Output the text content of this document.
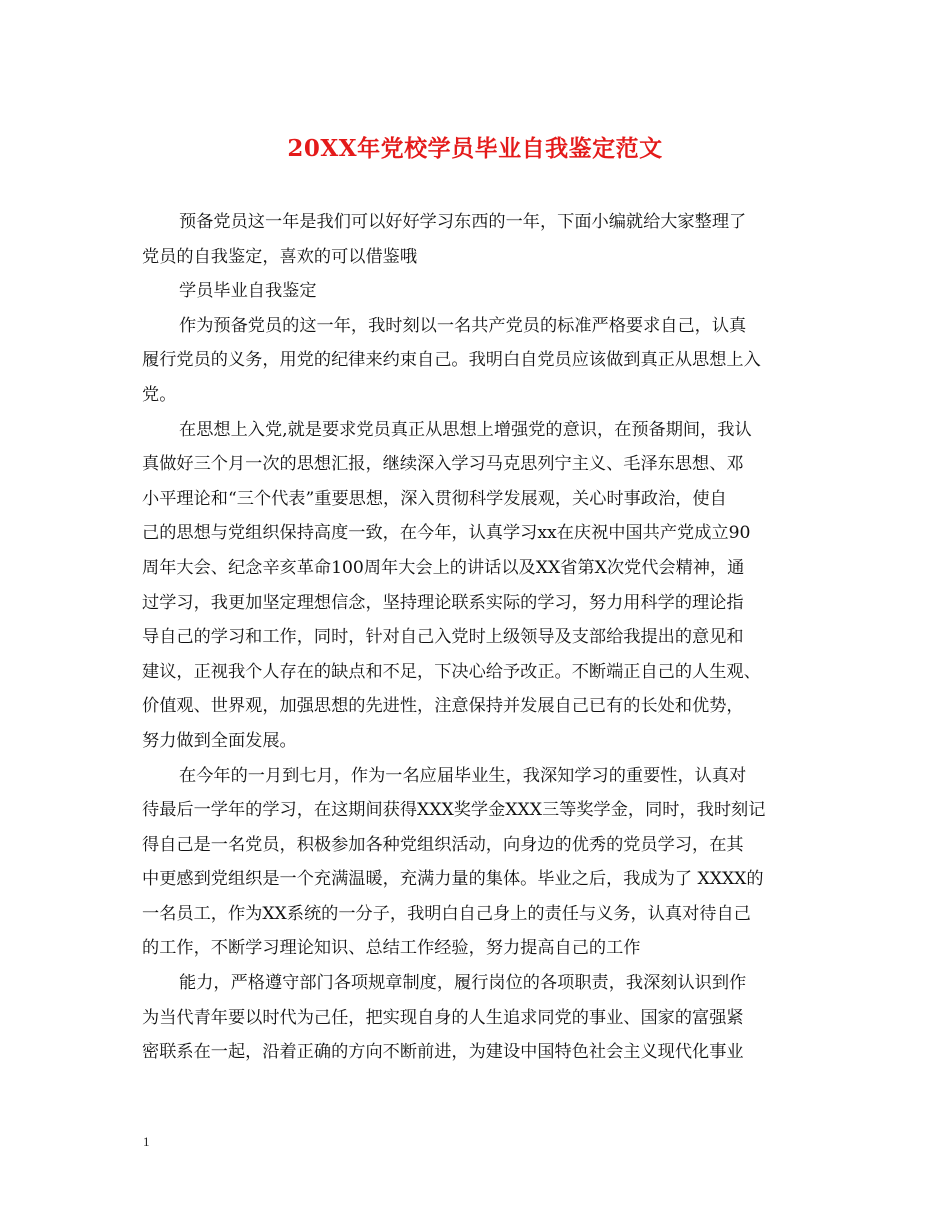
20XX年党校学员毕业自我鉴定范文
预备党员这一年是我们可以好好学习东西的一年，下面小编就给大家整理了
党员的自我鉴定，喜欢的可以借鉴哦
学员毕业自我鉴定
作为预备党员的这一年，我时刻以一名共产党员的标准严格要求自己，认真
履行党员的义务，用党的纪律来约束自己。我明白自党员应该做到真正从思想上入
党。
在思想上入党,就是要求党员真正从思想上增强党的意识，在预备期间，我认
真做好三个月一次的思想汇报，继续深入学习马克思列宁主义、毛泽东思想、邓
小平理论和“三个代表”重要思想，深入贯彻科学发展观，关心时事政治，使自
己的思想与党组织保持高度一致，在今年，认真学习xx在庆祝中国共产党成立90
周年大会、纪念辛亥革命100周年大会上的讲话以及XX省第X次党代会精神，通
过学习，我更加坚定理想信念，坚持理论联系实际的学习，努力用科学的理论指
导自己的学习和工作，同时，针对自己入党时上级领导及支部给我提出的意见和
建议，正视我个人存在的缺点和不足，下决心给予改正。不断端正自己的人生观、
价值观、世界观，加强思想的先进性，注意保持并发展自己已有的长处和优势，
努力做到全面发展。
在今年的一月到七月，作为一名应届毕业生，我深知学习的重要性，认真对
待最后一学年的学习，在这期间获得XXX奖学金XXX三等奖学金，同时，我时刻记
得自己是一名党员，积极参加各种党组织活动，向身边的优秀的党员学习，在其
中更感到党组织是一个充满温暖，充满力量的集体。毕业之后，我成为了 XXXX的
一名员工，作为XX系统的一分子，我明白自己身上的责任与义务，认真对待自己
的工作，不断学习理论知识、总结工作经验，努力提高自己的工作
能力，严格遵守部门各项规章制度，履行岗位的各项职责，我深刻认识到作
为当代青年要以时代为己任，把实现自身的人生追求同党的事业、国家的富强紧
密联系在一起，沿着正确的方向不断前进，为建设中国特色社会主义现代化事业
1
